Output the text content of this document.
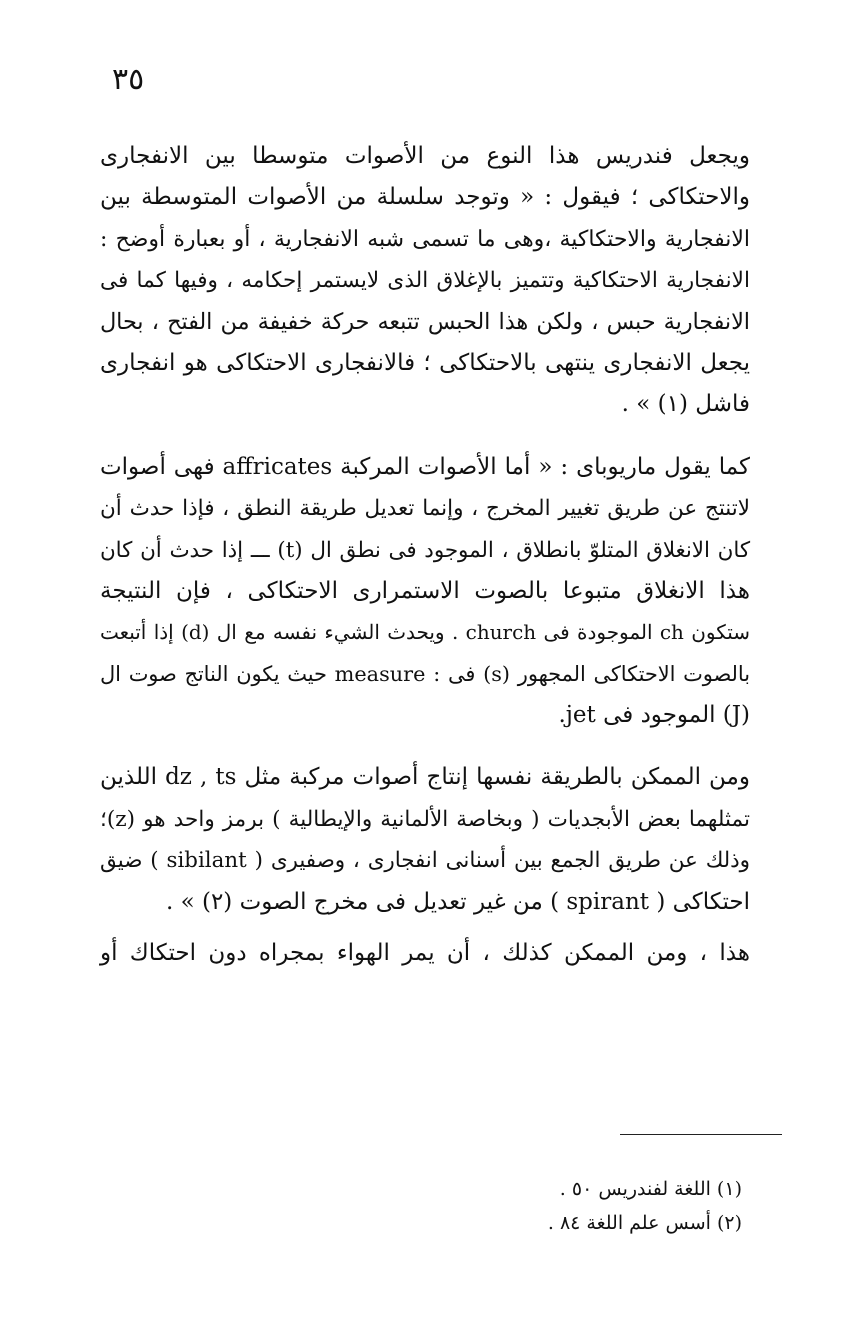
٣٥
ويجعل فندريس هذا النوع من الأصوات متوسطا بين الانفجارى
والاحتكاكى ؛ فيقول : « وتوجد سلسلة من الأصوات المتوسطة بين
الانفجارية والاحتكاكية ،وهى ما تسمى شبه الانفجارية ، أو بعبارة أوضح :
الانفجارية الاحتكاكية وتتميز بالإغلاق الذى لايستمر إحكامه ، وفيها كما فى
الانفجارية حبس ، ولكن هذا الحبس تتبعه حركة خفيفة من الفتح ، بحال
يجعل الانفجارى ينتهى بالاحتكاكى ؛ فالانفجارى الاحتكاكى هو انفجارى
فاشل (١) » .
كما يقول ماريوباى : « أما الأصوات المركبة affricates فهى أصوات
لاتنتج عن طريق تغيير المخرج ، وإنما تعديل طريقة النطق ، فإذا حدث أن
كان الانغلاق المتلوّ بانطلاق ، الموجود فى نطق ال (t) ـــ إذا حدث أن كان
هذا الانغلاق متبوعا بالصوت الاستمرارى الاحتكاكى ، فإن النتيجة
ستكون ch الموجودة فى church . ويحدث الشيء نفسه مع ال (d) إذا أتبعت
بالصوت الاحتكاكى المجهور (s) فى : measure حيث يكون الناتج صوت ال
(J) الموجود فى jet.
ومن الممكن بالطريقة نفسها إنتاج أصوات مركبة مثل dz , ts اللذين
تمثلهما بعض الأبجديات ( وبخاصة الألمانية والإيطالية ) برمز واحد هو (z)؛
وذلك عن طريق الجمع بين أسنانى انفجارى ، وصفيرى ( sibilant ) ضيق
احتكاكى ( spirant ) من غير تعديل فى مخرج الصوت (٢) » .
هذا ، ومن الممكن كذلك ، أن يمر الهواء بمجراه دون احتكاك أو
(١) اللغة لفندريس ٥٠ .
(٢) أسس علم اللغة ٨٤ .
